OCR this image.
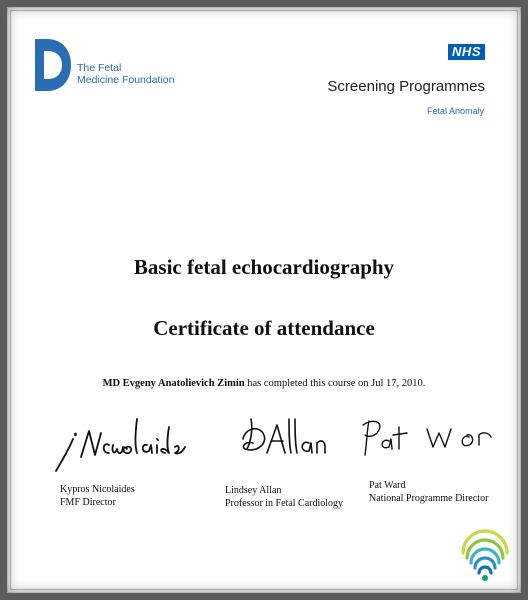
The Fetal
Medicine Foundation
NHS
Screening Programmes
Fetal Anomaly
Basic fetal echocardiography
Certificate of attendance
MD Evgeny Anatolievich Zimin has completed this course on Jul 17, 2010.
Kypros Nicolaides
FMF Director
Lindsey Allan
Professor in Fetal Cardiology
Pat Ward
National Programme Director
